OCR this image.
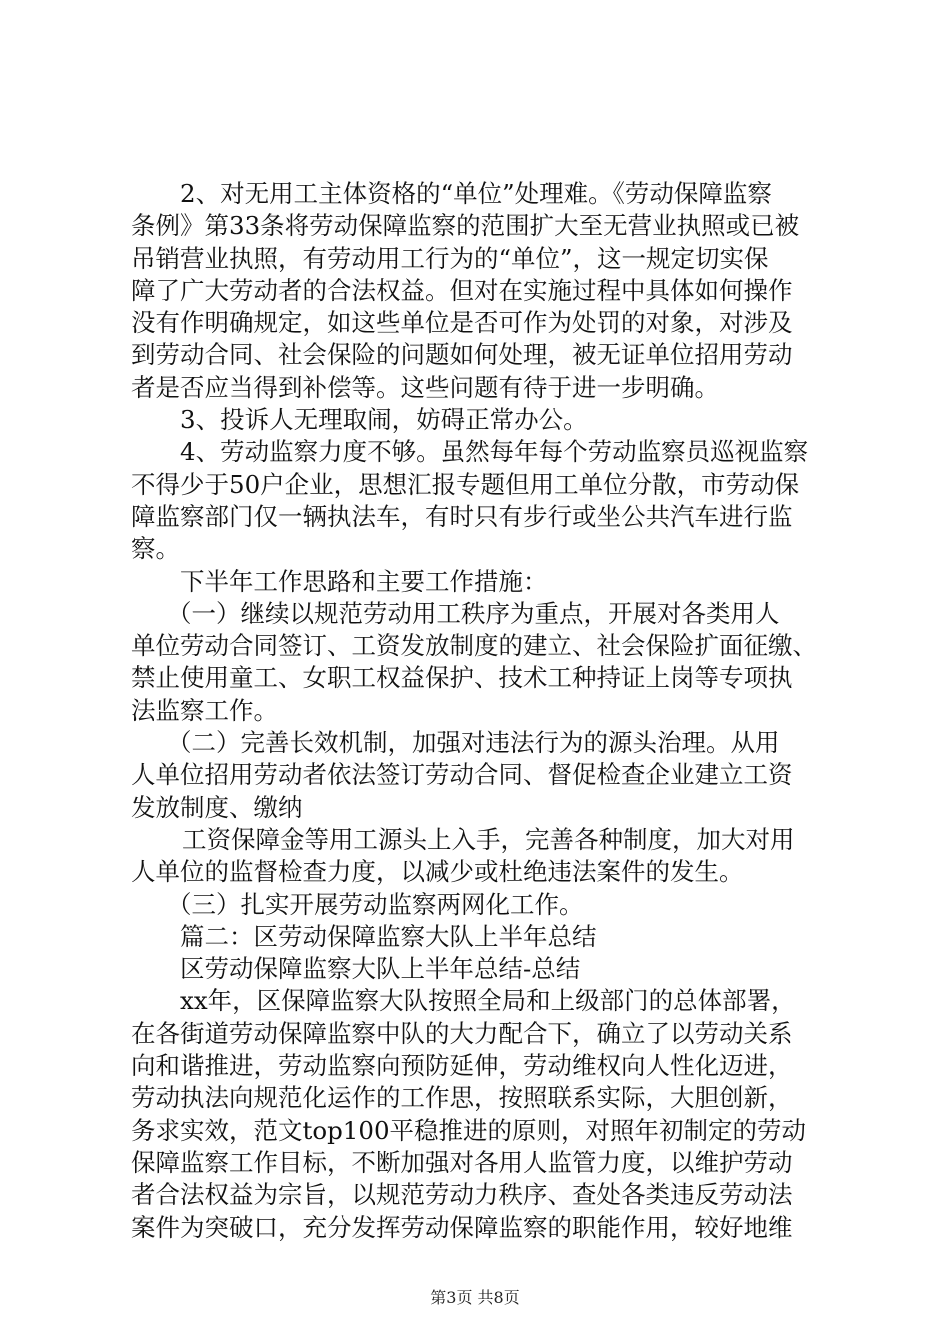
2、对无用工主体资格的“单位”处理难。《劳动保障监察
条例》第33条将劳动保障监察的范围扩大至无营业执照或已被
吊销营业执照，有劳动用工行为的“单位”，这一规定切实保
障了广大劳动者的合法权益。但对在实施过程中具体如何操作
没有作明确规定，如这些单位是否可作为处罚的对象，对涉及
到劳动合同、社会保险的问题如何处理，被无证单位招用劳动
者是否应当得到补偿等。这些问题有待于进一步明确。
3、投诉人无理取闹，妨碍正常办公。
4、劳动监察力度不够。虽然每年每个劳动监察员巡视监察
不得少于50户企业，思想汇报专题但用工单位分散，市劳动保
障监察部门仅一辆执法车，有时只有步行或坐公共汽车进行监
察。
下半年工作思路和主要工作措施：
（一）继续以规范劳动用工秩序为重点，开展对各类用人
单位劳动合同签订、工资发放制度的建立、社会保险扩面征缴、
禁止使用童工、女职工权益保护、技术工种持证上岗等专项执
法监察工作。
（二）完善长效机制，加强对违法行为的源头治理。从用
人单位招用劳动者依法签订劳动合同、督促检查企业建立工资
发放制度、缴纳
工资保障金等用工源头上入手，完善各种制度，加大对用
人单位的监督检查力度，以减少或杜绝违法案件的发生。
（三）扎实开展劳动监察两网化工作。
篇二：区劳动保障监察大队上半年总结
区劳动保障监察大队上半年总结-总结
xx年，区保障监察大队按照全局和上级部门的总体部署，
在各街道劳动保障监察中队的大力配合下，确立了以劳动关系
向和谐推进，劳动监察向预防延伸，劳动维权向人性化迈进，
劳动执法向规范化运作的工作思，按照联系实际，大胆创新，
务求实效，范文top100平稳推进的原则，对照年初制定的劳动
保障监察工作目标，不断加强对各用人监管力度，以维护劳动
者合法权益为宗旨，以规范劳动力秩序、查处各类违反劳动法
案件为突破口，充分发挥劳动保障监察的职能作用，较好地维
第3页 共8页
